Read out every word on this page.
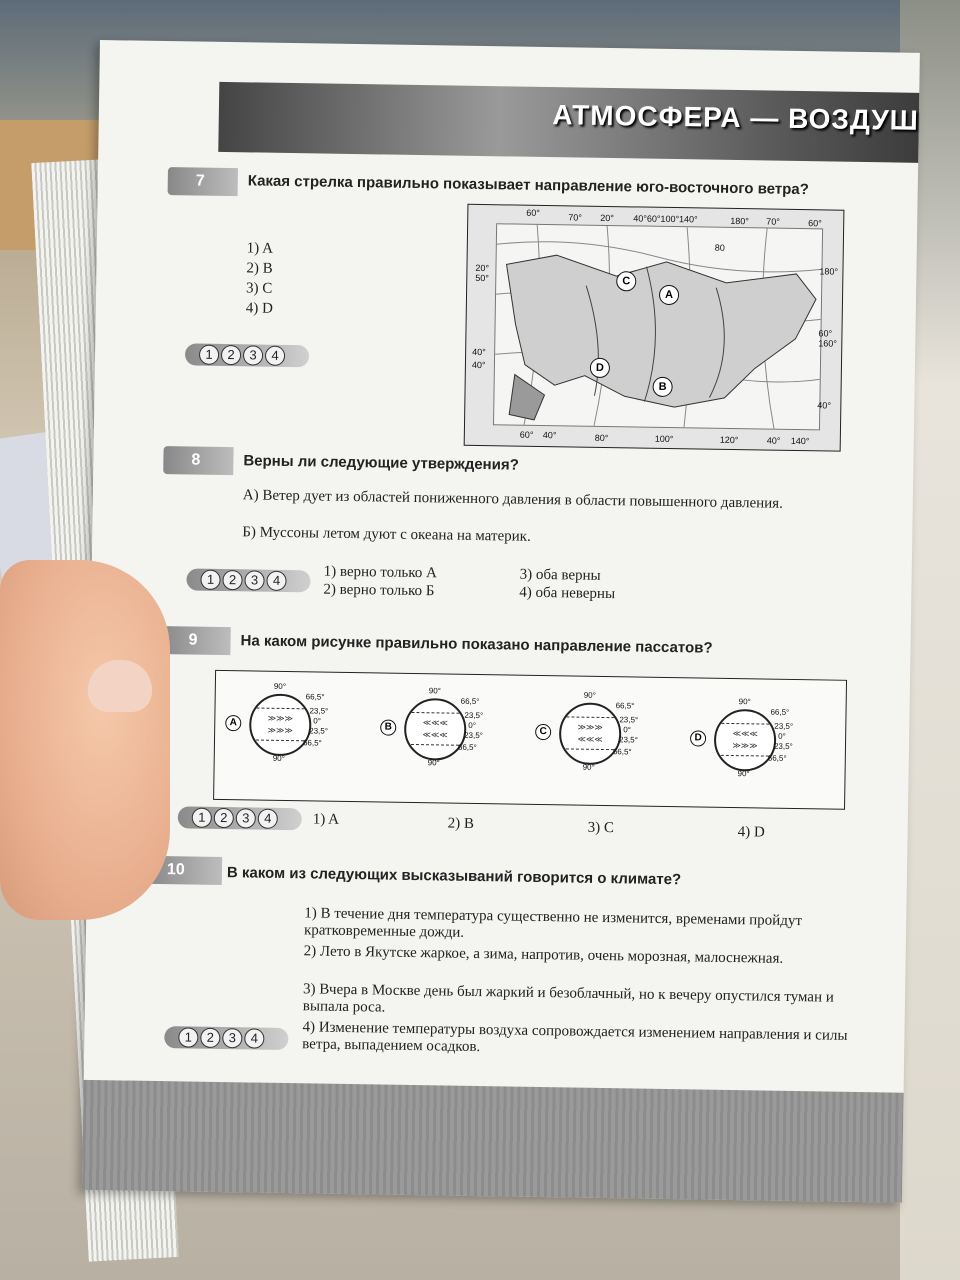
АТМОСФЕРА — ВОЗДУШ
7	Какая стрелка правильно показывает направление юго-восточного ветра?
1) A
2) B
3) C
4) D
1	2	3	4
60°	70° 20° 40°60°100°140°	180° 70°	60°
80
C
A
D
B
20°
50°
40°
40°
180°
60°
160°
40°
60° 40°	80°	100°	120°	40° 140°
8	Верны ли следующие утверждения?
А) Ветер дует из областей пониженного давления в области повышенного давления.
Б) Муссоны летом дуют с океана на материк.
1) верно только А
2) верно только Б
3) оба верны
4) оба неверны
1	2	3	4
9	На каком рисунке правильно показано направление пассатов?
A	≫≫≫
≫≫≫
90°
66,5°
23,5°
0°
23,5°
66,5°
90°
B	≪≪≪
≪≪≪
90°
66,5°
23,5°
0°
23,5°
66,5°
90°
C	≫≫≫
≪≪≪
90°
66,5°
23,5°
0°
23,5°
66,5°
90°
D	≪≪≪
≫≫≫
90°
66,5°
23,5°
0°
23,5°
66,5°
90°
1	2	3	4	1) A	2) B	3) C	4) D
10	В каком из следующих высказываний говорится о климате?
1) В течение дня температура существенно не изменится, временами пройдут кратковременные дожди.
2) Лето в Якутске жаркое, а зима, напротив, очень морозная, малоснежная.
3) Вчера в Москве день был жаркий и безоблачный, но к вечеру опустился туман и выпала роса.
4) Изменение температуры воздуха сопровождается изменением направления и силы ветра, выпадением осадков.
1	2	3	4
